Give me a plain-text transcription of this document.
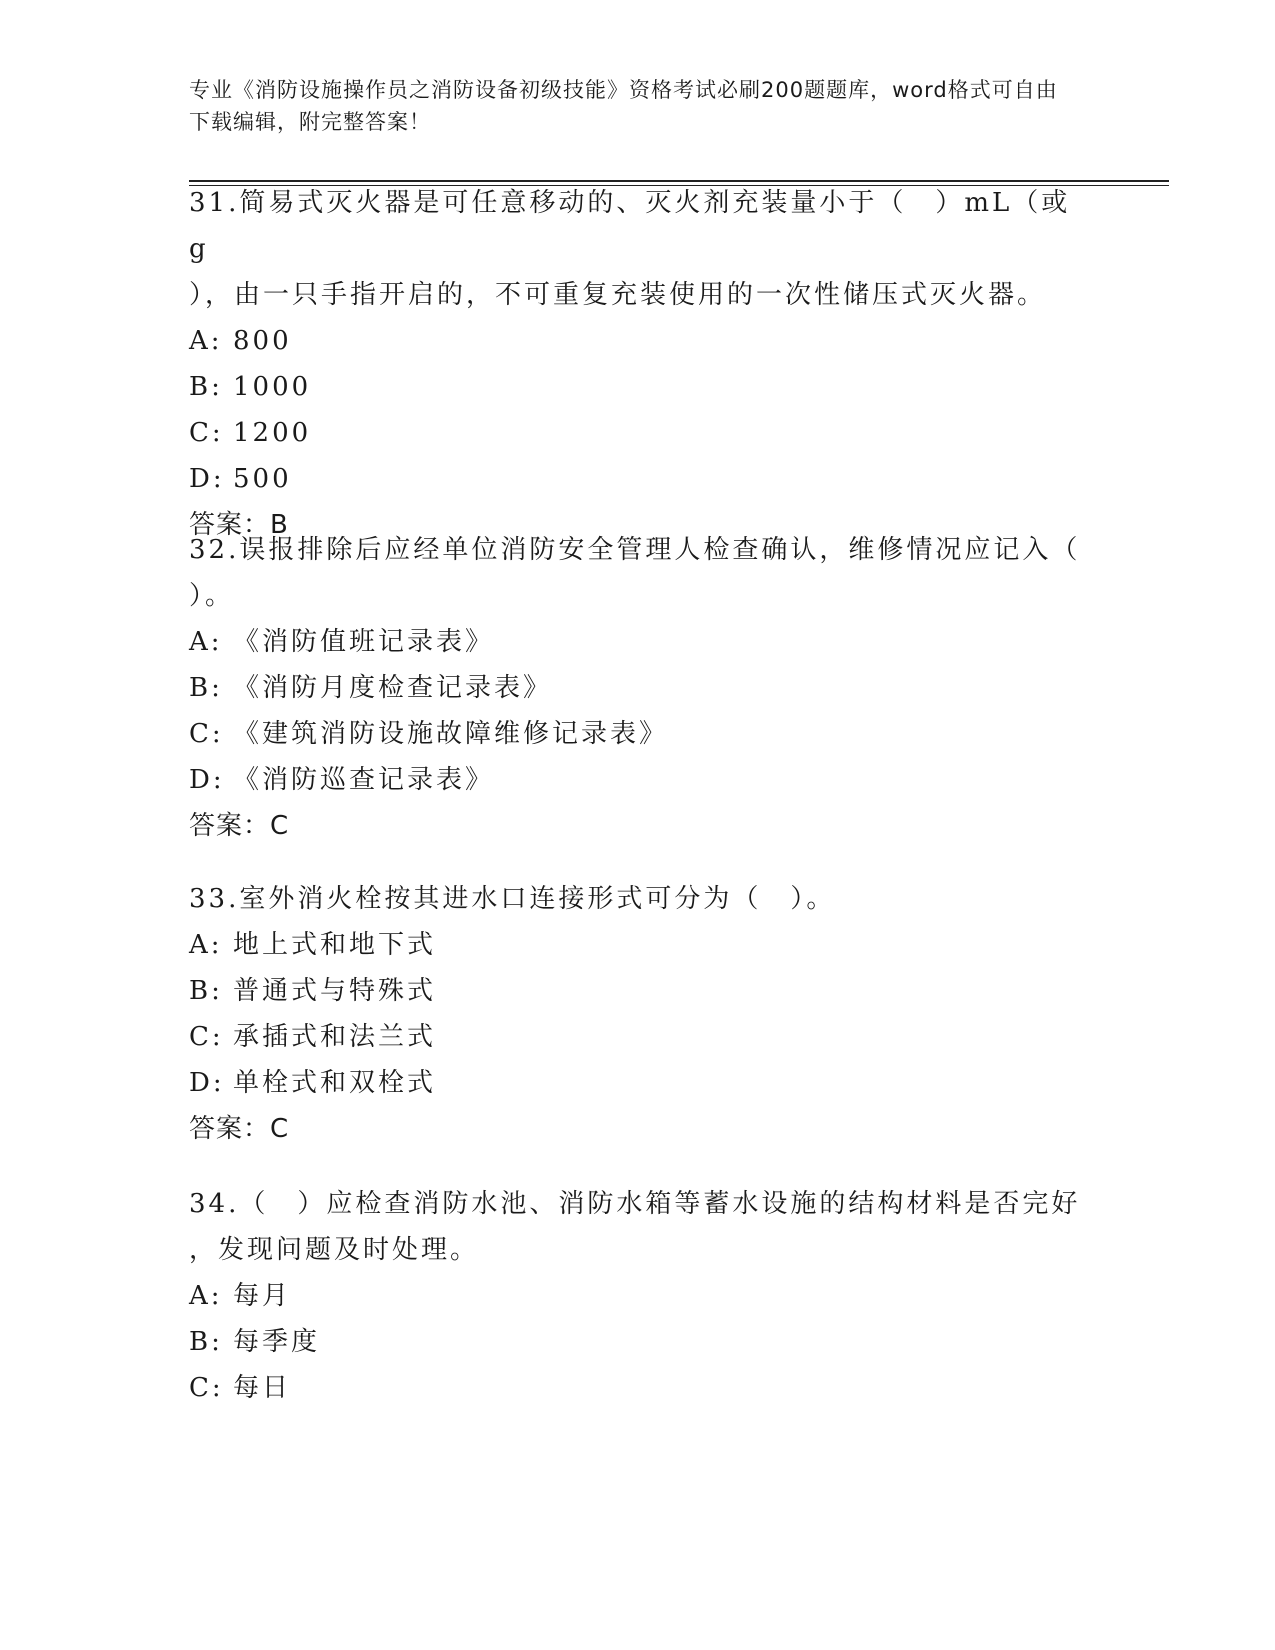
专业《消防设施操作员之消防设备初级技能》资格考试必刷200题题库，word格式可自由下载编辑，附完整答案！

31.简易式灭火器是可任意移动的、灭火剂充装量小于（　）mL（或g

），由一只手指开启的，不可重复充装使用的一次性储压式灭火器。

A: 800

B: 1000

C: 1200

D: 500

答案：B

32.误报排除后应经单位消防安全管理人检查确认，维修情况应记入（

）。

A: 《消防值班记录表》

B: 《消防月度检查记录表》

C: 《建筑消防设施故障维修记录表》

D: 《消防巡查记录表》

答案：C

33.室外消火栓按其进水口连接形式可分为（　）。

A: 地上式和地下式

B: 普通式与特殊式

C: 承插式和法兰式

D: 单栓式和双栓式

答案：C

34.（　）应检查消防水池、消防水箱等蓄水设施的结构材料是否完好

，发现问题及时处理。

A: 每月

B: 每季度

C: 每日
